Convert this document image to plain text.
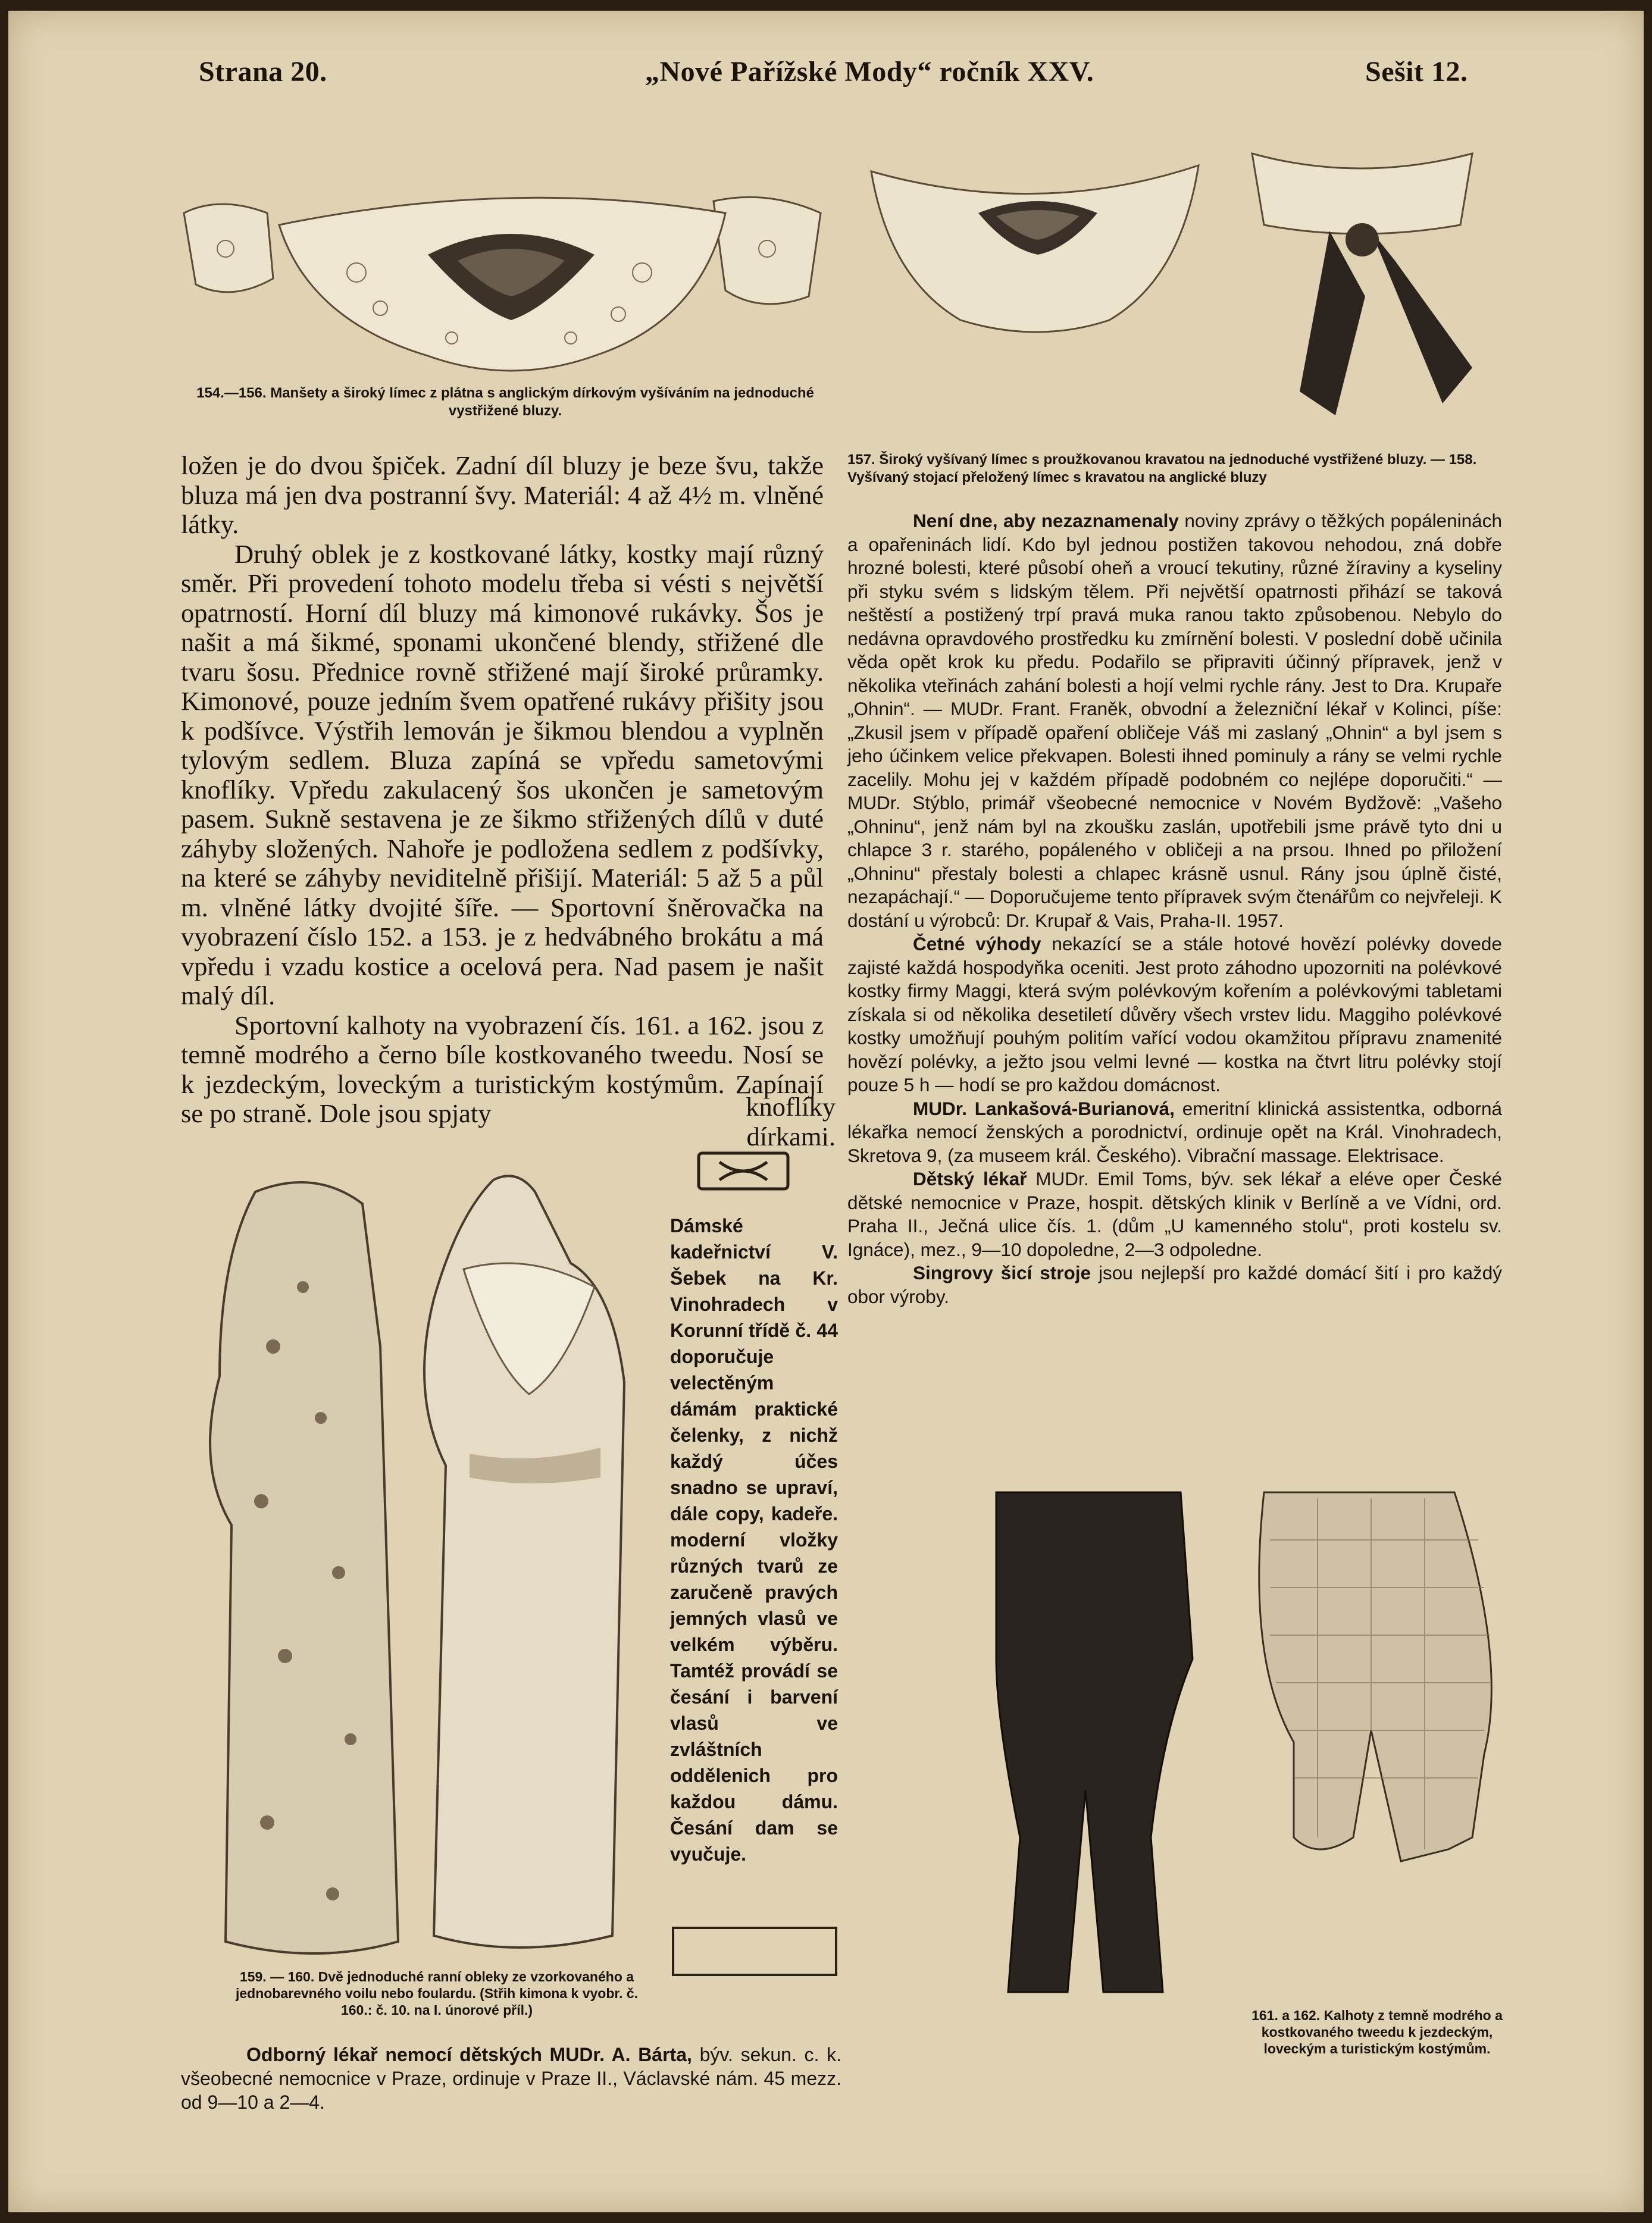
Strana 20.	„Nové Pařížské Mody“ ročník XXV.	Sešit 12.
154.—156. Manšety a široký límec z plátna s anglickým dírkovým vyšíváním na jednoduché vystřižené bluzy.
157. Široký vyšívaný límec s proužkovanou kravatou na jednoduché vystřižené bluzy. — 158. Vyšívaný stojací přeložený límec s kravatou na anglické bluzy

ložen je do dvou špiček. Zadní díl bluzy je beze švu, takže bluza má jen dva postranní švy. Materiál: 4 až 4½ m. vlněné látky.

Druhý oblek je z kostkované látky, kostky mají různý směr. Při provedení tohoto modelu třeba si vésti s největší opatrností. Horní díl bluzy má kimonové rukávky. Šos je našit a má šikmé, sponami ukončené blendy, střižené dle tvaru šosu. Přednice rovně střižené mají široké průramky. Kimonové, pouze jedním švem opatřené rukávy přišity jsou k podšívce. Výstřih lemován je šikmou blendou a vyplněn tylovým sedlem. Bluza zapíná se vpředu sametovými knoflíky. Vpředu zakulacený šos ukončen je sametovým pasem. Sukně sestavena je ze šikmo střižených dílů v duté záhyby složených. Nahoře je podložena sedlem z podšívky, na které se záhyby neviditelně přišijí. Materiál: 5 až 5 a půl m. vlněné látky dvojité šíře. — Sportovní šněrovačka na vyobrazení číslo 152. a 153. je z hedvábného brokátu a má vpředu i vzadu kostice a ocelová pera. Nad pasem je našit malý díl.

Sportovní kalhoty na vyobrazení čís. 161. a 162. jsou z temně modrého a černo bíle kostkovaného tweedu. Nosí se k jezdeckým, loveckým a turistickým kostýmům. Zapínají se po straně. Dole jsou spjaty	knoflíky dírkami.
159. — 160. Dvě jednoduché ranní obleky ze vzorkovaného a jednobarevného voilu nebo foulardu. (Střih kimona k vyobr. č. 160.: č. 10. na I. únorové příl.)
Dámské kadeřnictví V. Šebek na Kr. Vinohradech v Korunní třídě č. 44 doporučuje velectěným dámám praktické čelenky, z nichž každý účes snadno se upraví, dále copy, kadeře. moderní vložky různých tvarů ze zaručeně pravých jemných vlasů ve velkém výběru. Tamtéž provádí se česání i barvení vlasů ve zvláštních oddělenich pro každou dámu. Česání dam se vyučuje.
Odborný lékař nemocí dětských MUDr. A. Bárta, býv. sekun. c. k. všeobecné nemocnice v Praze, ordinuje v Praze II., Václavské nám. 45 mezz. od 9—10 a 2—4.

Není dne, aby nezaznamenaly noviny zprávy o těžkých popáleninách a opařeninách lidí. Kdo byl jednou postižen takovou nehodou, zná dobře hrozné bolesti, které působí oheň a vroucí tekutiny, různé žíraviny a kyseliny při styku svém s lidským tělem. Při největší opatrnosti přihází se taková neštěstí a postižený trpí pravá muka ranou takto způsobenou. Nebylo do nedávna opravdového prostředku ku zmírnění bolesti. V poslední době učinila věda opět krok ku předu. Podařilo se připraviti účinný přípravek, jenž v několika vteřinách zahání bolesti a hojí velmi rychle rány. Jest to Dra. Krupaře „Ohnin“. — MUDr. Frant. Franěk, obvodní a železniční lékař v Kolinci, píše: „Zkusil jsem v případě opaření obličeje Váš mi zaslaný „Ohnin“ a byl jsem s jeho účinkem velice překvapen. Bolesti ihned pominuly a rány se velmi rychle zacelily. Mohu jej v každém případě podobném co nejlépe doporučiti.“ — MUDr. Stýblo, primář všeobecné nemocnice v Novém Bydžově: „Vašeho „Ohninu“, jenž nám byl na zkoušku zaslán, upotřebili jsme právě tyto dni u chlapce 3 r. starého, popáleného v obličeji a na prsou. Ihned po přiložení „Ohninu“ přestaly bolesti a chlapec krásně usnul. Rány jsou úplně čisté, nezapáchají.“ — Doporučujeme tento přípravek svým čtenářům co nejvřeleji. K dostání u výrobců: Dr. Krupař & Vais, Praha-II. 1957.

Četné výhody nekazící se a stále hotové hovězí polévky dovede zajisté každá hospodyňka oceniti. Jest proto záhodno upozorniti na polévkové kostky firmy Maggi, která svým polévkovým kořením a polévkovými tabletami získala si od několika desetiletí důvěry všech vrstev lidu. Maggiho polévkové kostky umožňují pouhým politím vařící vodou okamžitou přípravu znamenité hovězí polévky, a ježto jsou velmi levné — kostka na čtvrt litru polévky stojí pouze 5 h — hodí se pro každou domácnost.

MUDr. Lankašová-Burianová, emeritní klinická assistentka, odborná lékařka nemocí ženských a porodnictví, ordinuje opět na Král. Vinohradech, Skretova 9, (za museem král. Českého). Vibrační massage. Elektrisace.

Dětský lékař MUDr. Emil Toms, býv. sek lékař a eléve oper České dětské nemocnice v Praze, hospit. dětských klinik v Berlíně a ve Vídni, ord. Praha II., Ječná ulice čís. 1. (dům „U kamenného stolu“, proti kostelu sv. Ignáce), mez., 9—10 dopoledne, 2—3 odpoledne.

Singrovy šicí stroje jsou nejlepší pro každé domácí šití i pro každý obor výroby.

161. a 162. Kalhoty z temně modrého a kostkovaného tweedu k jezdeckým, loveckým a turistickým kostýmům.
